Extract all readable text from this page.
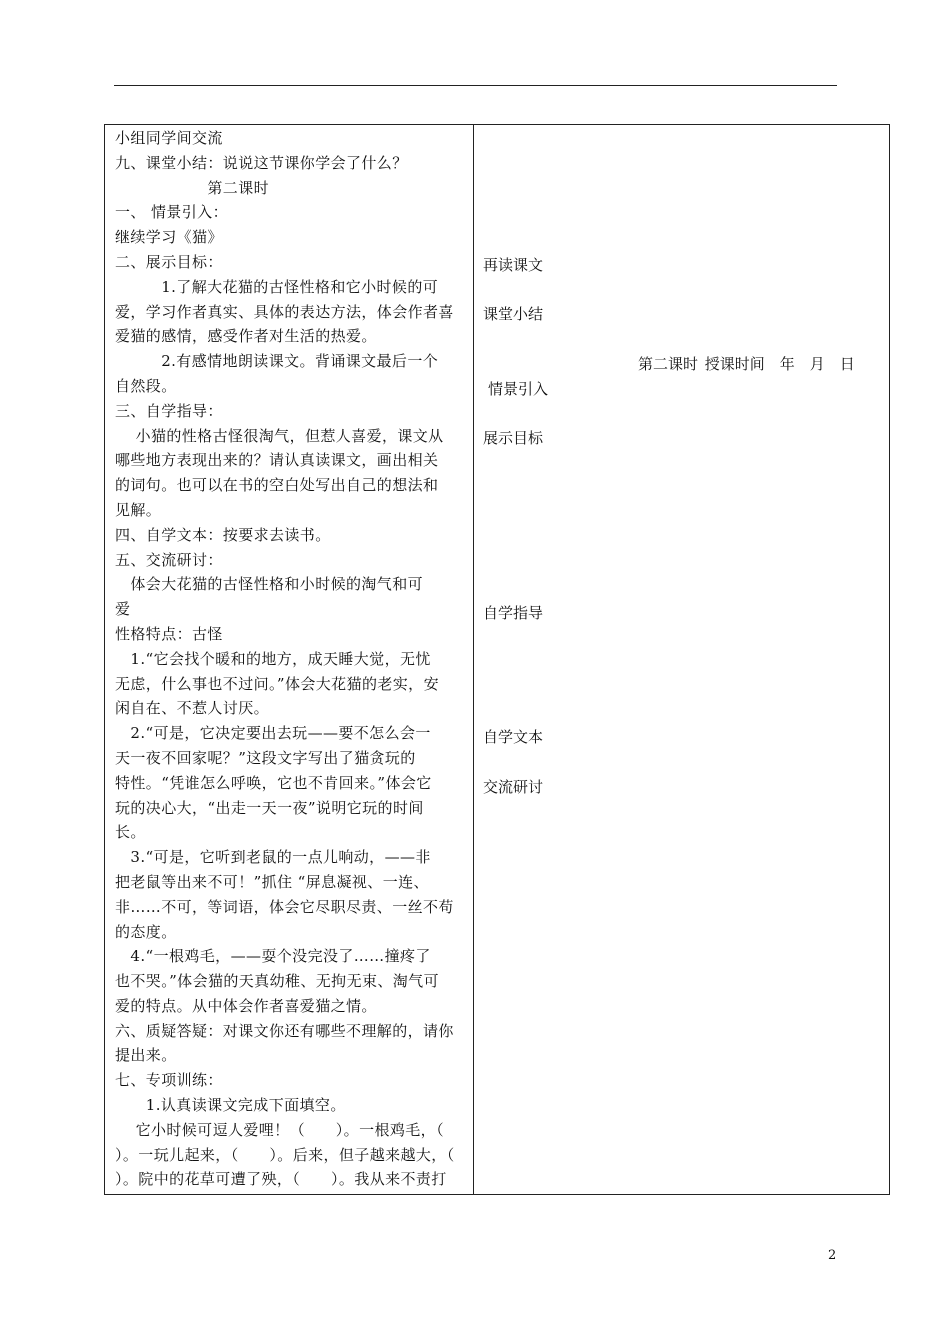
小组同学间交流
九、课堂小结：说说这节课你学会了什么？
　　　　　　第二课时
一、 情景引入：
继续学习《猫》
二、展示目标：
　　　1.了解大花猫的古怪性格和它小时候的可
爱，学习作者真实、具体的表达方法，体会作者喜
爱猫的感情，感受作者对生活的热爱。
　　　2.有感情地朗读课文。背诵课文最后一个
自然段。
三、自学指导：
　 小猫的性格古怪很淘气，但惹人喜爱，课文从
哪些地方表现出来的？请认真读课文，画出相关
的词句。也可以在书的空白处写出自己的想法和
见解。
四、自学文本：按要求去读书。
五、交流研讨：
　体会大花猫的古怪性格和小时候的淘气和可
爱
性格特点：古怪
　1.“它会找个暖和的地方，成天睡大觉，无忧
无虑，什么事也不过问。”体会大花猫的老实，安
闲自在、不惹人讨厌。
　2.“可是，它决定要出去玩——要不怎么会一
天一夜不回家呢？”这段文字写出了猫贪玩的
特性。“凭谁怎么呼唤，它也不肯回来。”体会它
玩的决心大，“出走一天一夜”说明它玩的时间
长。
　3.“可是，它听到老鼠的一点儿响动，——非
把老鼠等出来不可！”抓住 “屏息凝视、一连、
非……不可，等词语，体会它尽职尽责、一丝不苟
的态度。
　4.“一根鸡毛，——耍个没完没了……撞疼了
也不哭。”体会猫的天真幼稚、无拘无束、淘气可
爱的特点。从中体会作者喜爱猫之情。
六、质疑答疑：对课文你还有哪些不理解的，请你
提出来。
七、专项训练：
　　1.认真读课文完成下面填空。
　 它小时候可逗人爱哩！（　　）。一根鸡毛，（
）。一玩儿起来，（　　）。后来，但子越来越大，（
）。院中的花草可遭了殃，（　　）。我从来不责打
再读课文
课堂小结
情景引入
展示目标
自学指导
自学文本
交流研讨
第二课时 授课时间　年　月　日
2
